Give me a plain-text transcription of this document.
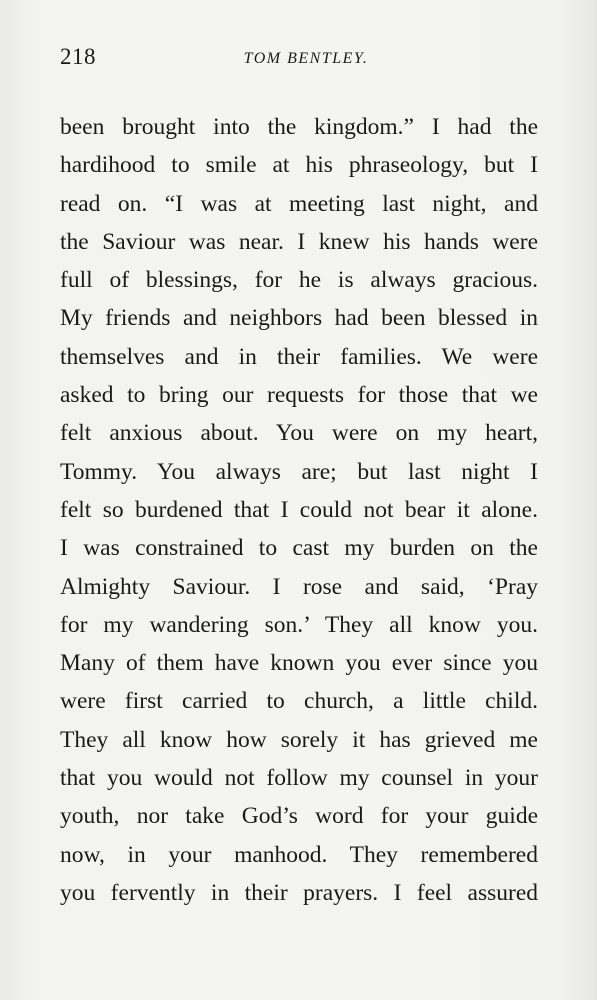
218	TOM BENTLEY.
been brought into the kingdom.” I had the
hardihood to smile at his phraseology, but I
read on. “I was at meeting last night, and
the Saviour was near. I knew his hands were
full of blessings, for he is always gracious.
My friends and neighbors had been blessed in
themselves and in their families. We were
asked to bring our requests for those that we
felt anxious about. You were on my heart,
Tommy. You always are; but last night I
felt so burdened that I could not bear it alone.
I was constrained to cast my burden on the
Almighty Saviour. I rose and said, ‘Pray
for my wandering son.’ They all know you.
Many of them have known you ever since you
were first carried to church, a little child.
They all know how sorely it has grieved me
that you would not follow my counsel in your
youth, nor take God’s word for your guide
now, in your manhood. They remembered
you fervently in their prayers. I feel assured
